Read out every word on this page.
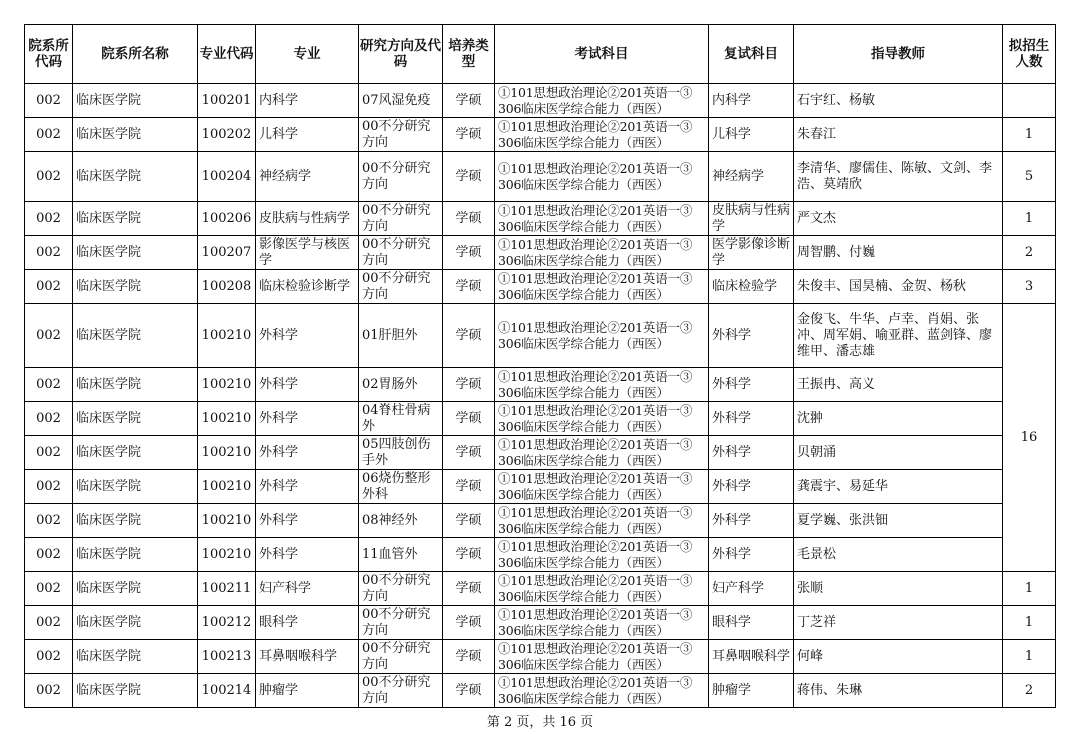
院系所代码	院系所名称	专业代码	专业	研究方向及代码	培养类型	考试科目	复试科目	指导教师	拟招生人数
002	临床医学院	100201	内科学	07风湿免疫	学硕	①101思想政治理论②201英语一③
306临床医学综合能力（西医）	内科学	石宇红、杨敏	
002	临床医学院	100202	儿科学	00不分研究方向	学硕	①101思想政治理论②201英语一③
306临床医学综合能力（西医）	儿科学	朱春江	1
002	临床医学院	100204	神经病学	00不分研究方向	学硕	①101思想政治理论②201英语一③
306临床医学综合能力（西医）	神经病学	李清华、廖儒佳、陈敏、文剑、李浩、莫靖欣	5
002	临床医学院	100206	皮肤病与性病学	00不分研究方向	学硕	①101思想政治理论②201英语一③
306临床医学综合能力（西医）	皮肤病与性病学	严文杰	1
002	临床医学院	100207	影像医学与核医学	00不分研究方向	学硕	①101思想政治理论②201英语一③
306临床医学综合能力（西医）	医学影像诊断学	周智鹏、付巍	2
002	临床医学院	100208	临床检验诊断学	00不分研究方向	学硕	①101思想政治理论②201英语一③
306临床医学综合能力（西医）	临床检验学	朱俊丰、国昊楠、金贺、杨秋	3
002	临床医学院	100210	外科学	01肝胆外	学硕	①101思想政治理论②201英语一③
306临床医学综合能力（西医）	外科学	金俊飞、牛华、卢幸、肖娟、张冲、周军娟、喻亚群、蓝剑锋、廖维甲、潘志雄	16
002	临床医学院	100210	外科学	02胃肠外	学硕	①101思想政治理论②201英语一③
306临床医学综合能力（西医）	外科学	王振冉、高义	
002	临床医学院	100210	外科学	04脊柱骨病外	学硕	①101思想政治理论②201英语一③
306临床医学综合能力（西医）	外科学	沈翀	
002	临床医学院	100210	外科学	05四肢创伤手外	学硕	①101思想政治理论②201英语一③
306临床医学综合能力（西医）	外科学	贝朝涌	
002	临床医学院	100210	外科学	06烧伤整形外科	学硕	①101思想政治理论②201英语一③
306临床医学综合能力（西医）	外科学	龚震宇、易延华	
002	临床医学院	100210	外科学	08神经外	学硕	①101思想政治理论②201英语一③
306临床医学综合能力（西医）	外科学	夏学巍、张洪钿	
002	临床医学院	100210	外科学	11血管外	学硕	①101思想政治理论②201英语一③
306临床医学综合能力（西医）	外科学	毛景松	
002	临床医学院	100211	妇产科学	00不分研究方向	学硕	①101思想政治理论②201英语一③
306临床医学综合能力（西医）	妇产科学	张顺	1
002	临床医学院	100212	眼科学	00不分研究方向	学硕	①101思想政治理论②201英语一③
306临床医学综合能力（西医）	眼科学	丁芝祥	1
002	临床医学院	100213	耳鼻咽喉科学	00不分研究方向	学硕	①101思想政治理论②201英语一③
306临床医学综合能力（西医）	耳鼻咽喉科学	何峰	1
002	临床医学院	100214	肿瘤学	00不分研究方向	学硕	①101思想政治理论②201英语一③
306临床医学综合能力（西医）	肿瘤学	蒋伟、朱琳	2
第 2 页，共 16 页
